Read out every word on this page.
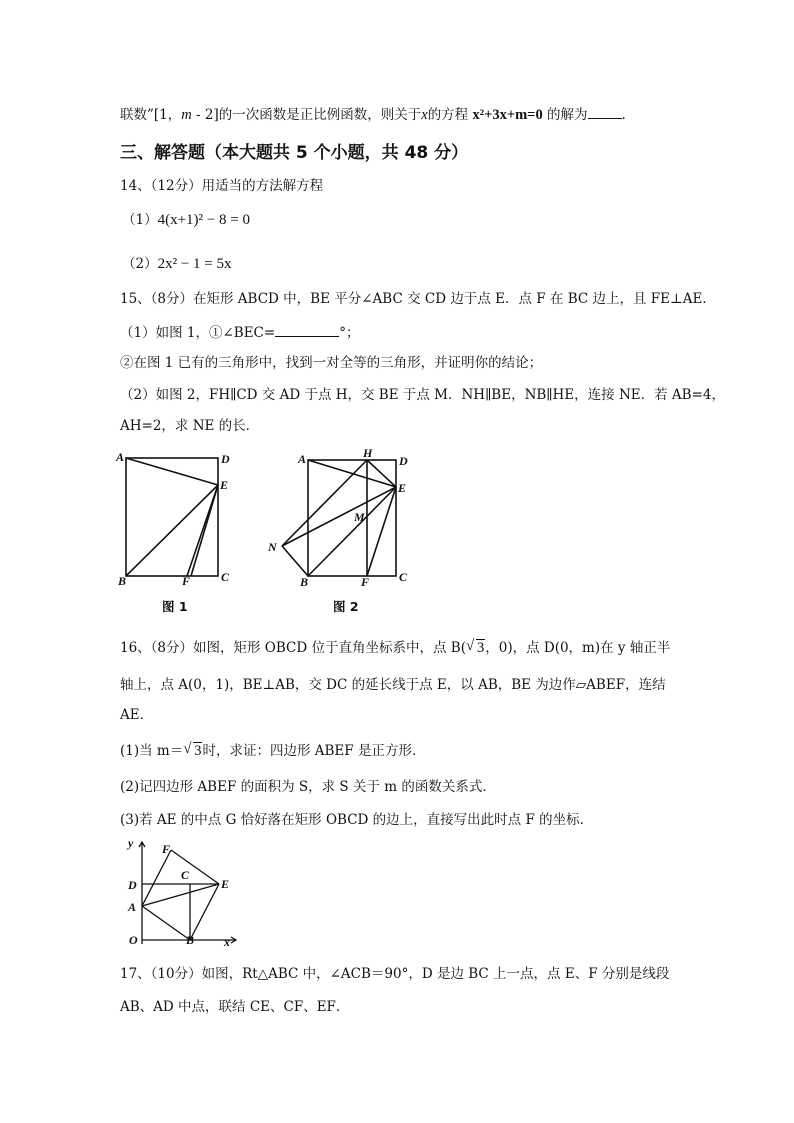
联数”[1，m - 2]的一次函数是正比例函数，则关于x的方程 x²+3x+m=0 的解为	.
三、解答题（本大题共 5 个小题，共 48 分）
14、（12分）用适当的方法解方程
（1）4(x+1)² − 8 = 0
（2）2x² − 1 = 5x
15、（8分）在矩形 ABCD 中，BE 平分∠ABC 交 CD 边于点 E．点 F 在 BC 边上，且 FE⊥AE．
（1）如图 1，①∠BEC=	°；
②在图 1 已有的三角形中，找到一对全等的三角形，并证明你的结论；
（2）如图 2，FH∥CD 交 AD 于点 H，交 BE 于点 M．NH∥BE，NB∥HE，连接 NE．若 AB=4，
AH=2，求 NE 的长．
A	D
E
B	F	C
图 1
A	H
D
E
M
N
B	F C
图 2
16、（8分）如图，矩形 OBCD 位于直角坐标系中，点 B( √ 3，0)，点 D(0，m)在 y 轴正半
轴上，点 A(0，1)，BE⊥AB，交 DC 的延长线于点 E，以 AB，BE 为边作▱ABEF，连结
AE．
(1)当 m＝ √ 3时，求证：四边形 ABEF 是正方形．
(2)记四边形 ABEF 的面积为 S，求 S 关于 m 的函数关系式．
(3)若 AE 的中点 G 恰好落在矩形 OBCD 的边上，直接写出此时点 F 的坐标．
y F
C
D	E
A
O	B x
17、（10分）如图，Rt△ABC 中，∠ACB＝90°，D 是边 BC 上一点，点 E、F 分别是线段
AB、AD 中点，联结 CE、CF、EF．
